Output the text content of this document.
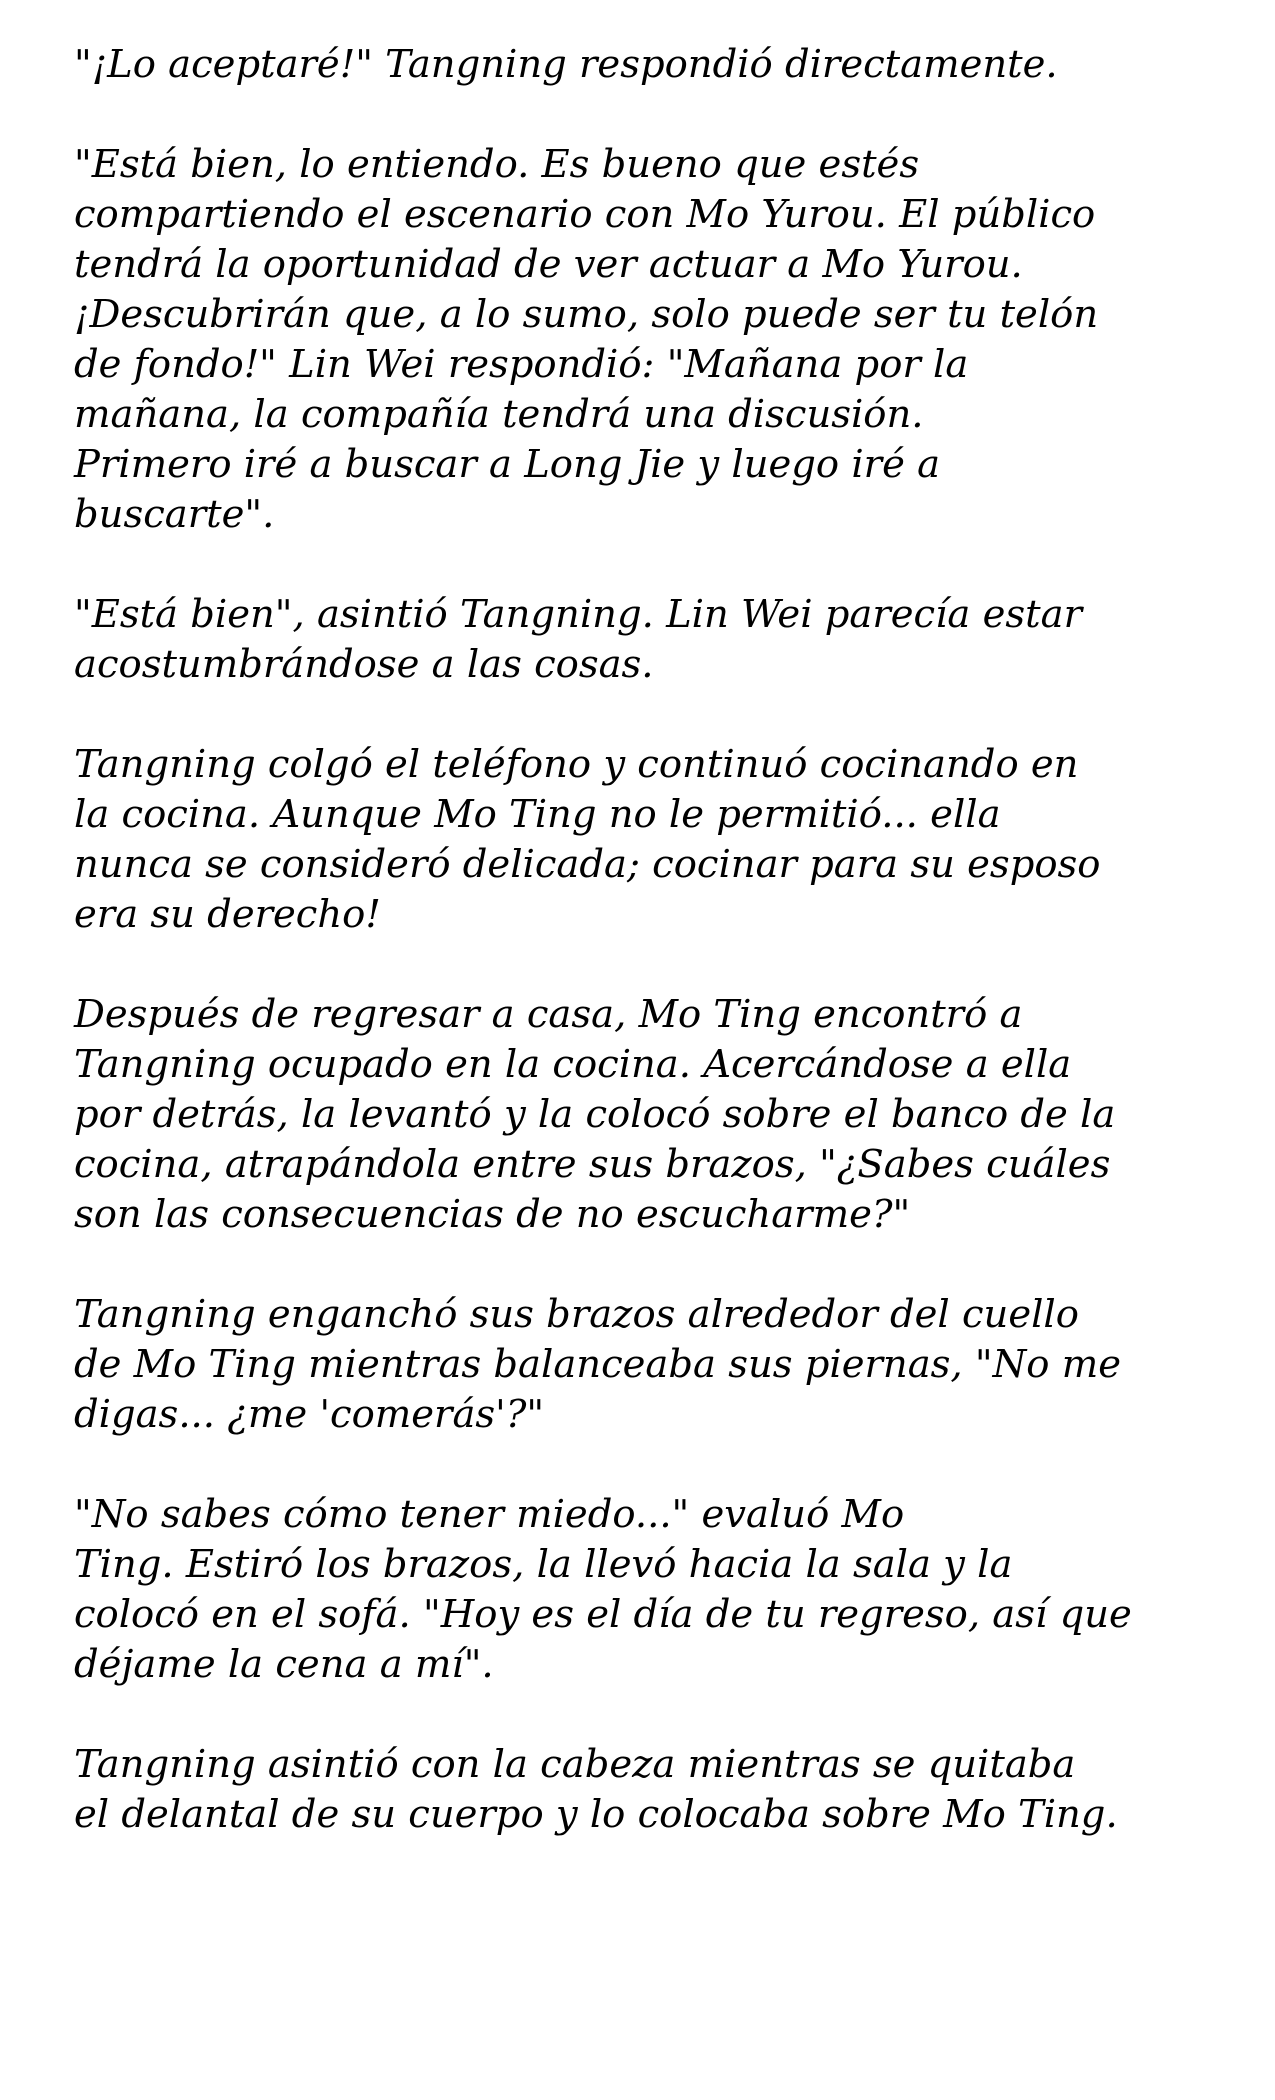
"¡Lo aceptaré!" Tangning respondió directamente.

"Está bien, lo entiendo. Es bueno que estés
compartiendo el escenario con Mo Yurou. El público
tendrá la oportunidad de ver actuar a Mo Yurou.
¡Descubrirán que, a lo sumo, solo puede ser tu telón
de fondo!" Lin Wei respondió: "Mañana por la
mañana, la compañía tendrá una discusión.
Primero iré a buscar a Long Jie y luego iré a
buscarte".

"Está bien", asintió Tangning. Lin Wei parecía estar
acostumbrándose a las cosas.

Tangning colgó el teléfono y continuó cocinando en
la cocina. Aunque Mo Ting no le permitió... ella
nunca se consideró delicada; cocinar para su esposo
era su derecho!

Después de regresar a casa, Mo Ting encontró a
Tangning ocupado en la cocina. Acercándose a ella
por detrás, la levantó y la colocó sobre el banco de la
cocina, atrapándola entre sus brazos, "¿Sabes cuáles
son las consecuencias de no escucharme?"

Tangning enganchó sus brazos alrededor del cuello
de Mo Ting mientras balanceaba sus piernas, "No me
digas... ¿me 'comerás'?"

"No sabes cómo tener miedo..." evaluó Mo
Ting. Estiró los brazos, la llevó hacia la sala y la
colocó en el sofá. "Hoy es el día de tu regreso, así que
déjame la cena a mí".

Tangning asintió con la cabeza mientras se quitaba
el delantal de su cuerpo y lo colocaba sobre Mo Ting.
